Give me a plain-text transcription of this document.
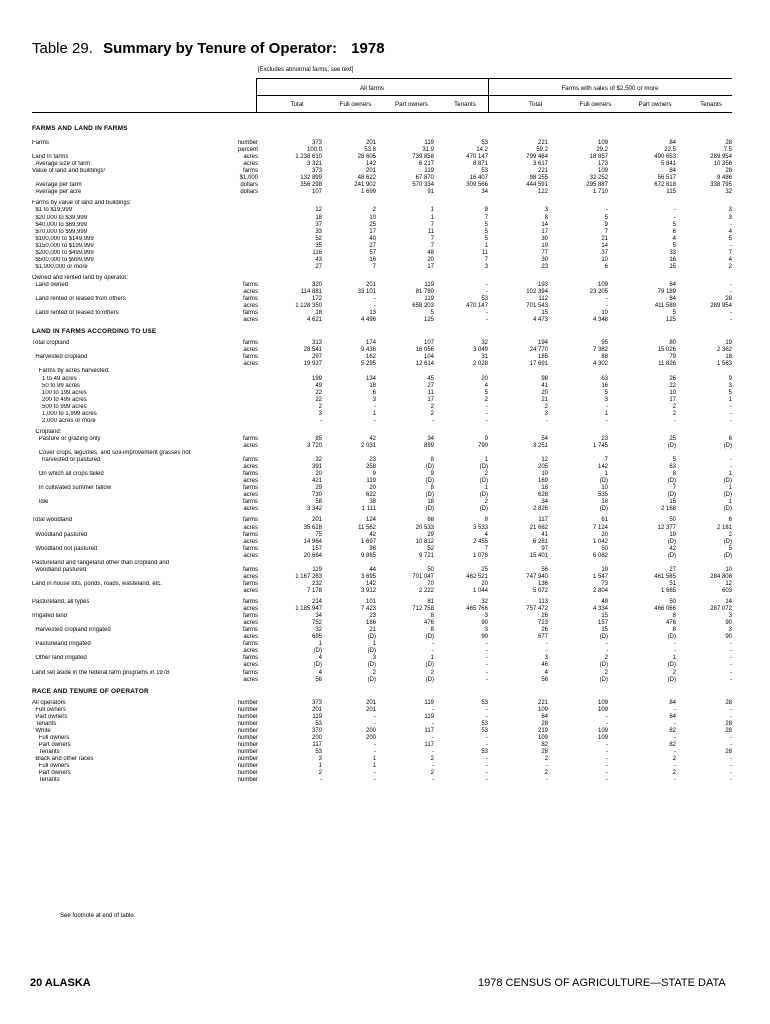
Table 29. Summary by Tenure of Operator: 1978
[Excludes abnormal farms; see text]
All farms	Farms with sales of $2,500 or more
Total	Full owners	Part owners	Tenants	Total	Full owners	Part owners	Tenants
FARMS AND LAND IN FARMS
Farms	number	373	201	119	53	221	109	84	28
percent	100.0	53.8	31.9	14.2	59.2	29.2	22.5	7.5
Land in farms	acres	1 238 610	28 605	739 858	470 147	799 464	18 857	490 653	289 954
Average size of farm	acres	3 321	142	6 217	8 871	3 617	173	5 841	10 356
Value of land and buildings¹	farms	373	201	119	53	221	109	84	28
$1,000	132 899	48 622	67 870	16 407	98 255	32 252	56 517	9 486
Average per farm	dollars	356 298	241 902	570 334	309 566	444 591	295 887	672 818	338 795
Average per acre	dollars	107	1 699	91	34	122	1 710	115	32
Farms by value of land and buildings:
$1 to $19,999	12	2	1	9	3	-	-	3
$20,000 to $39,999	18	10	1	7	8	5	-	3
$40,000 to $69,999	37	25	7	5	14	9	5	-
$70,000 to $99,999	33	17	11	5	17	7	6	4
$100,000 to $149,999	52	40	7	5	30	21	4	5
$150,000 to $199,999	35	27	7	1	19	14	5	-
$200,000 to $499,999	116	57	48	11	77	37	33	7
$500,000 to $999,999	43	16	20	7	30	10	16	4
$1,000,000 or more	27	7	17	3	23	6	15	2
Owned and rented land by operator:
Land owned	farms	320	201	119	-	193	109	84	-
acres	114 881	33 101	81 780	-	102 394	23 205	79 189	-
Land rented or leased from others	farms	172	-	119	53	112	-	84	28
acres	1 128 350	-	658 203	470 147	701 543	-	411 589	289 954
Land rented or leased to others	farms	18	13	5	-	15	10	5	-
acres	4 621	4 496	125	-	4 473	4 348	125	-
LAND IN FARMS ACCORDING TO USE
Total cropland	farms	313	174	107	32	194	95	80	19
acres	28 541	9 436	16 056	3 049	24 770	7 382	15 026	2 362
Harvested cropland	farms	297	162	104	31	185	88	79	18
acres	19 937	5 295	12 614	2 028	17 691	4 302	11 826	1 563
Farms by acres harvested:
1 to 49 acres	199	134	45	20	98	63	26	9
50 to 99 acres	49	18	27	4	41	16	22	3
100 to 199 acres	22	6	11	5	20	5	10	5
200 to 499 acres	22	3	17	2	21	3	17	1
500 to 999 acres	2	-	2	-	2	-	2	-
1,000 to 1,999 acres	3	1	2	-	3	1	2	-
2,000 acres or more	-	-	-	-	-	-	-	-
Cropland:
Pasture or grazing only	farms	85	42	34	9	54	23	25	6
acres	3 720	2 031	899	790	3 251	1 745	(D)	(D)
Cover crops, legumes, and soil-improvement grasses not
harvested or pastured	farms	32	23	8	1	12	7	5	-
acres	391	258	(D)	(D)	205	142	63	-
On which all crops failed	farms	20	9	9	2	10	1	8	1
acres	421	119	(D)	(D)	169	(D)	(D)	(D)
In cultivated summer fallow	farms	29	20	8	1	18	10	7	1
acres	730	622	(D)	(D)	628	535	(D)	(D)
Idle	farms	58	38	18	2	34	18	15	1
acres	3 342	1 111	(D)	(D)	2 826	(D)	2 168	(D)
Total woodland	farms	201	124	68	9	117	61	50	6
acres	35 628	11 562	20 533	3 533	21 682	7 124	12 377	2 181
Woodland pastured	farms	75	42	29	4	41	20	19	2
acres	14 964	1 697	10 812	2 455	6 281	1 042	(D)	(D)
Woodland not pastured	farms	157	98	52	7	97	50	42	5
acres	20 664	9 865	9 721	1 078	15 401	6 082	(D)	(D)
Pastureland and rangeland other than cropland and
woodland pastured	farms	119	44	50	25	56	19	27	10
acres	1 167 263	3 695	701 047	462 521	747 940	1 547	461 585	284 808
Land in house lots, ponds, roads, wasteland, etc.	farms	232	142	70	20	136	73	51	12
acres	7 178	3 912	2 222	1 044	5 072	2 804	1 665	603
Pastureland, all types	farms	214	101	81	32	113	49	50	14
acres	1 185 947	7 423	712 758	465 766	757 472	4 334	466 066	287 072
Irrigated land	farms	34	23	8	3	26	15	8	3
acres	752	186	476	90	723	157	476	90
Harvested cropland irrigated	farms	32	21	8	3	26	15	8	3
acres	695	(D)	(D)	90	677	(D)	(D)	90
Pastureland irrigated	farms	1	1	-	-	-	-	-	-
acres	(D)	(D)	-	-	-	-	-	-
Other land irrigated	farms	4	3	1	-	3	2	1	-
acres	(D)	(D)	(D)	-	46	(D)	(D)	-
Land set aside in the federal farm programs in 1978	farms	4	2	2	-	4	2	2	-
acres	56	(D)	(D)	-	56	(D)	(D)	-
RACE AND TENURE OF OPERATOR
All operators	number	373	201	119	53	221	109	84	28
Full owners	number	201	201	-	-	109	109	-	-
Part owners	number	119	-	119	-	84	-	84	-
Tenants	number	53	-	-	53	28	-	-	28
White	number	370	200	117	53	219	109	82	28
Full owners	number	200	200	-	-	109	109	-	-
Part owners	number	117	-	117	-	82	-	82	-
Tenants	number	53	-	-	53	28	-	-	28
Black and other races	number	3	1	2	-	2	-	2	-
Full owners	number	1	1	-	-	-	-	-	-
Part owners	number	2	-	2	-	2	-	2	-
Tenants	number	-	-	-	-	-	-	-	-
See footnote at end of table.
20 ALASKA	1978 CENSUS OF AGRICULTURE—STATE DATA
